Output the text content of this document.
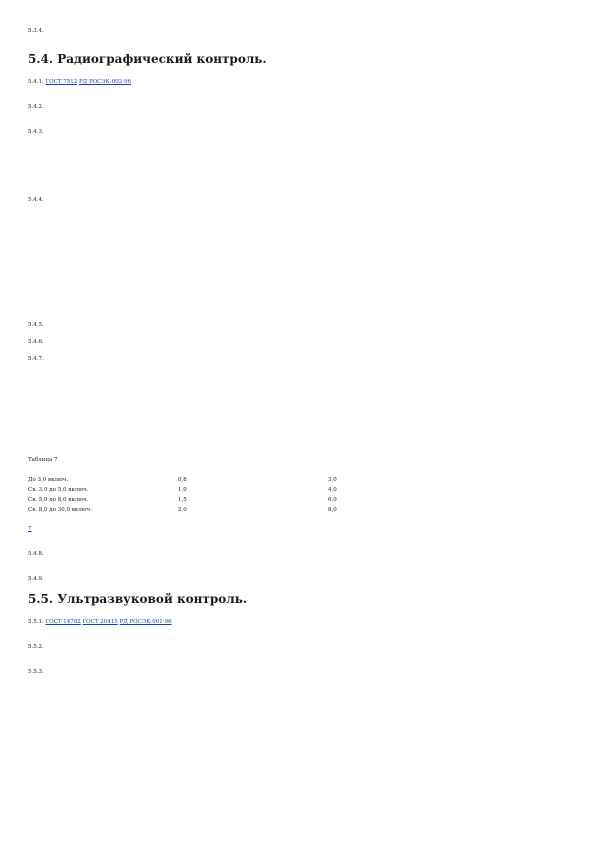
5.3.4.

5.4. Радиографический контроль.

5.4.1. ГОСТ 7512 РД РОСЭК-002-96

5.4.2.

5.4.3.

5.4.4.

5.4.5.

5.4.6.

5.4.7.

Таблица 7

До 3,0 включ.	0,8	3,0
Св. 3,0 до 5,0 включ.	1,0	4,0
Св. 5,0 до 8,0 включ.	1,5	6,0
Св. 8,0 до 30,0 включ.	2,0	8,0

7

5.4.8.

5.4.9.

5.5. Ультразвуковой контроль.

5.5.1. ГОСТ 14782 ГОСТ 20415 РД РОСЭК-001-96

5.5.2.

5.5.3.
